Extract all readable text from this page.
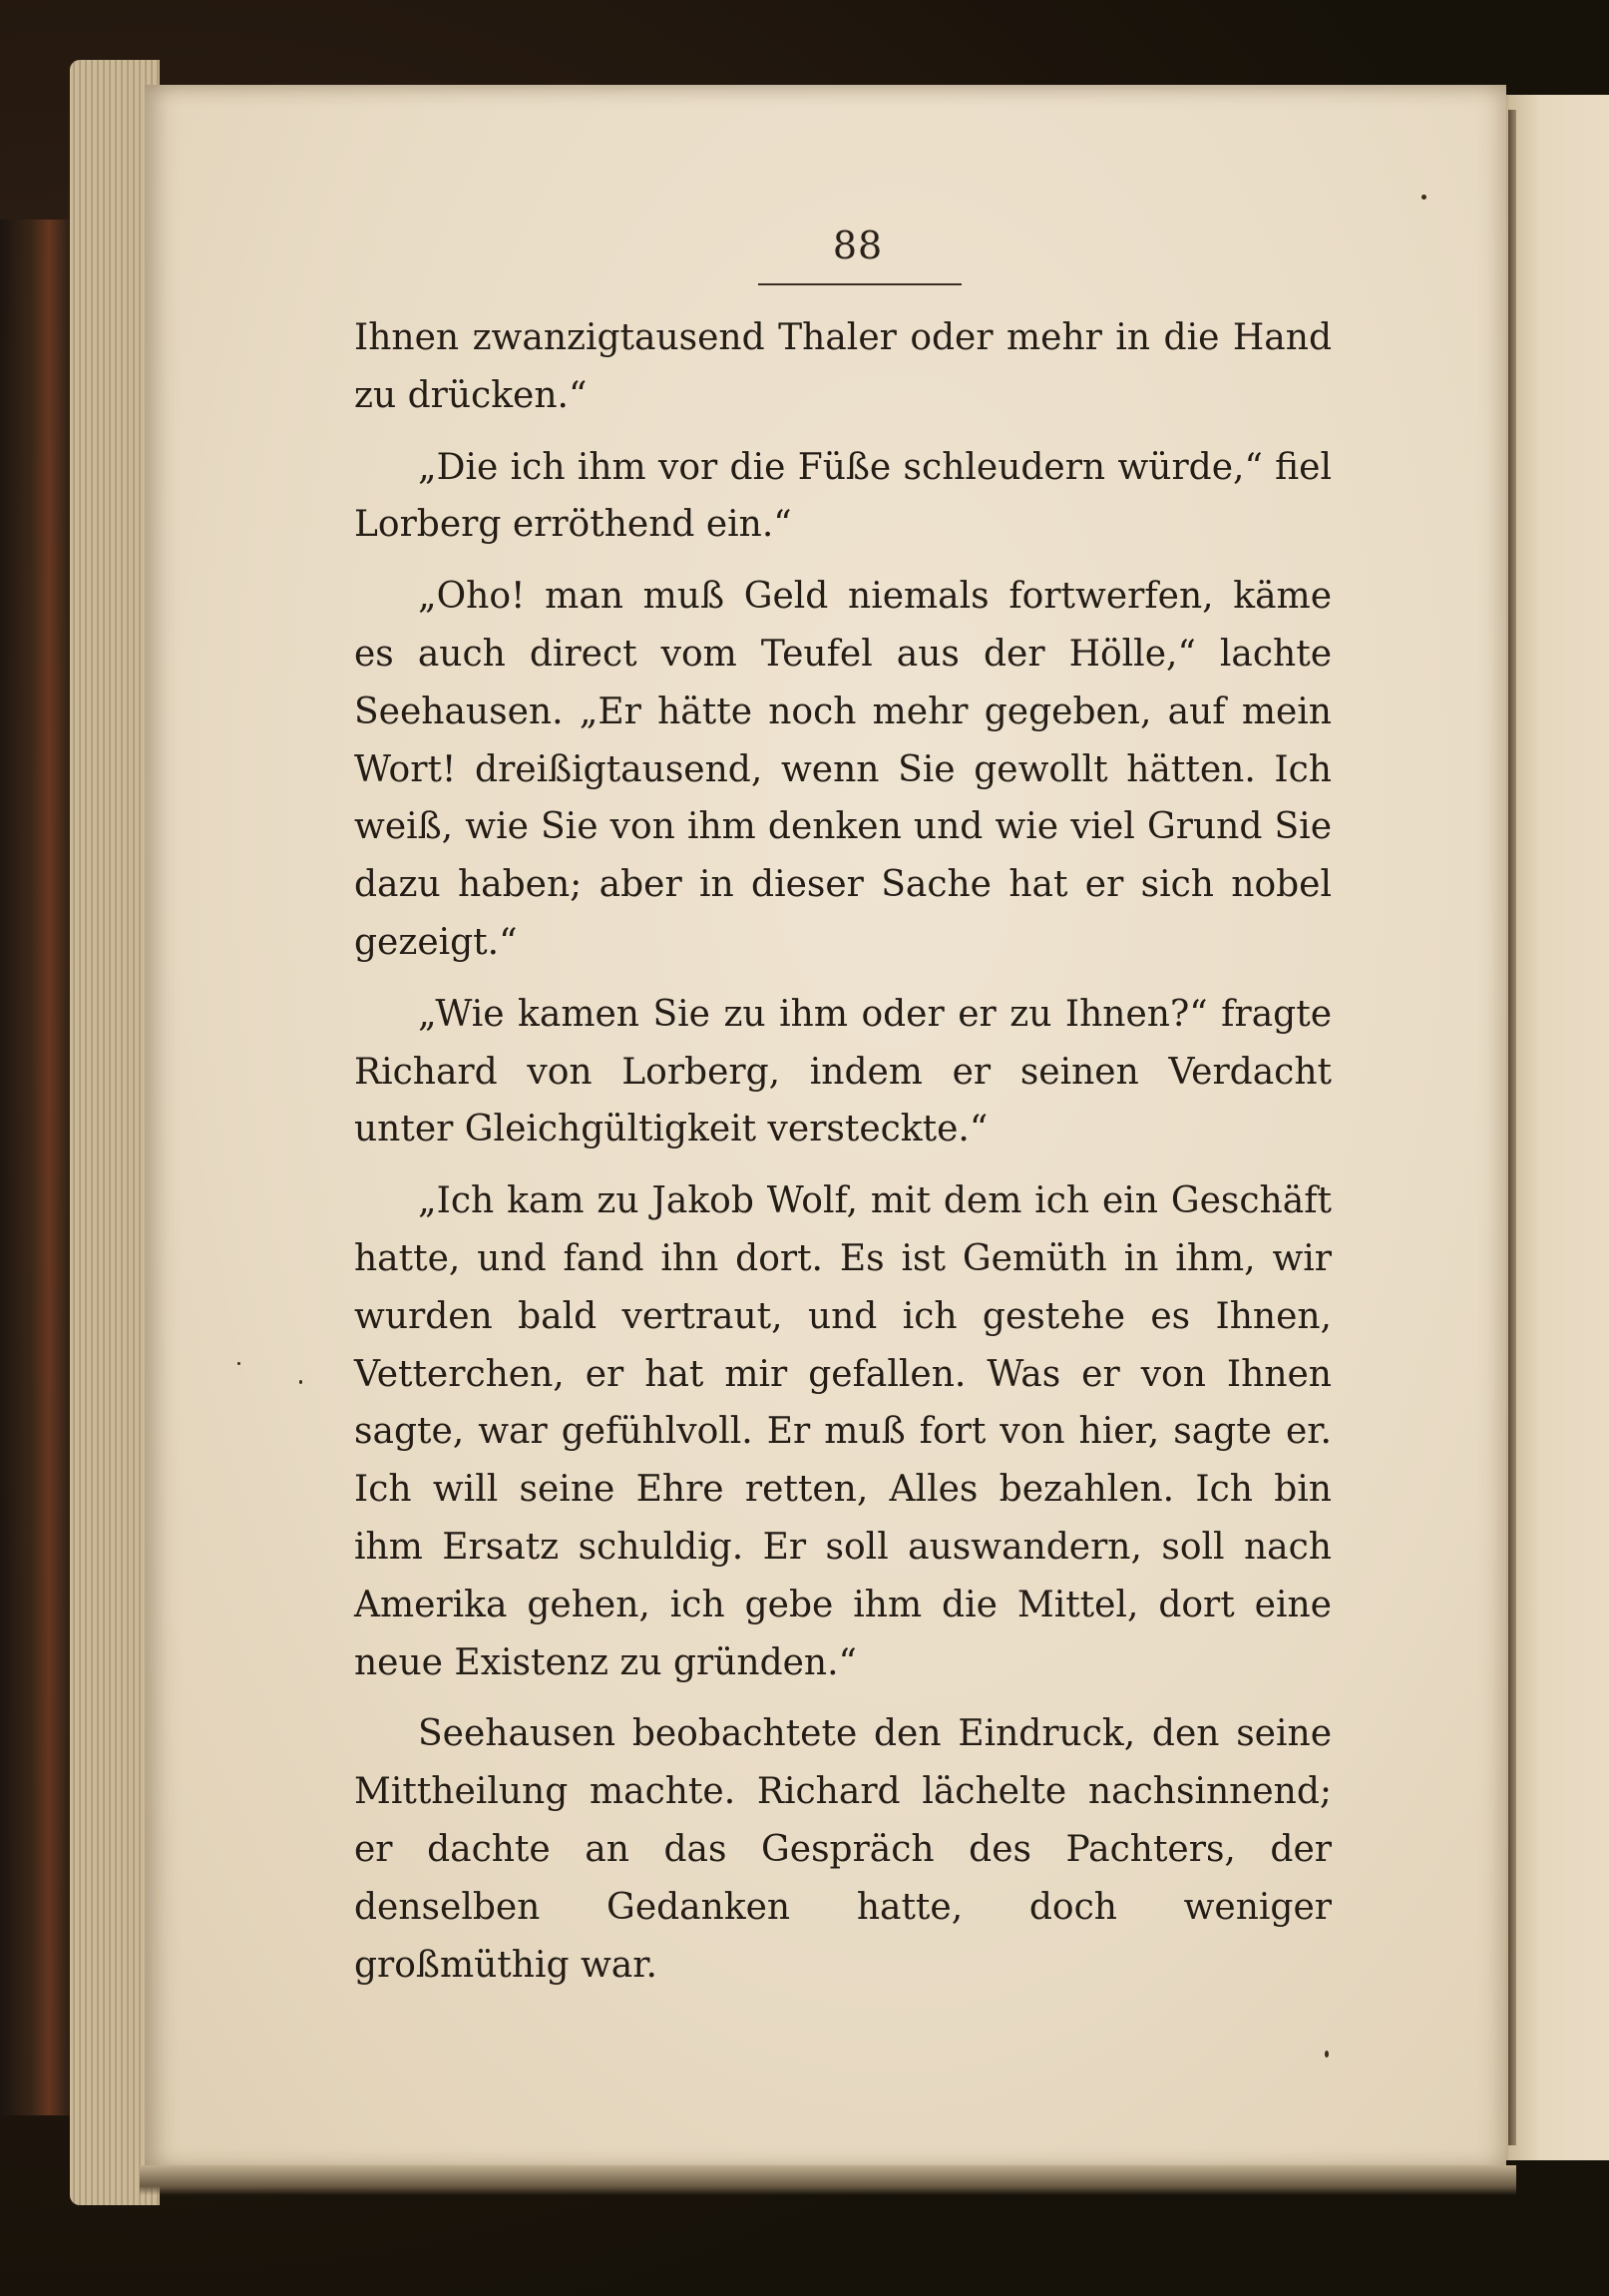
88

Ihnen zwanzigtausend Thaler oder mehr in die Hand zu drücken.“

„Die ich ihm vor die Füße schleudern würde,“ fiel Lorberg erröthend ein.“

„Oho! man muß Geld niemals fortwerfen, käme es auch direct vom Teufel aus der Hölle,“ lachte Seehausen. „Er hätte noch mehr gegeben, auf mein Wort! dreißigtausend, wenn Sie gewollt hätten. Ich weiß, wie Sie von ihm denken und wie viel Grund Sie dazu haben; aber in dieser Sache hat er sich nobel gezeigt.“

„Wie kamen Sie zu ihm oder er zu Ihnen?“ fragte Richard von Lorberg, indem er seinen Verdacht unter Gleichgültigkeit versteckte.“

„Ich kam zu Jakob Wolf, mit dem ich ein Geschäft hatte, und fand ihn dort. Es ist Gemüth in ihm, wir wurden bald vertraut, und ich gestehe es Ihnen, Vetterchen, er hat mir gefallen. Was er von Ihnen sagte, war gefühlvoll. Er muß fort von hier, sagte er. Ich will seine Ehre retten, Alles bezahlen. Ich bin ihm Ersatz schuldig. Er soll auswandern, soll nach Amerika gehen, ich gebe ihm die Mittel, dort eine neue Existenz zu gründen.“

Seehausen beobachtete den Eindruck, den seine Mittheilung machte. Richard lächelte nachsinnend; er dachte an das Gespräch des Pachters, der denselben Gedanken hatte, doch weniger großmüthig war.
